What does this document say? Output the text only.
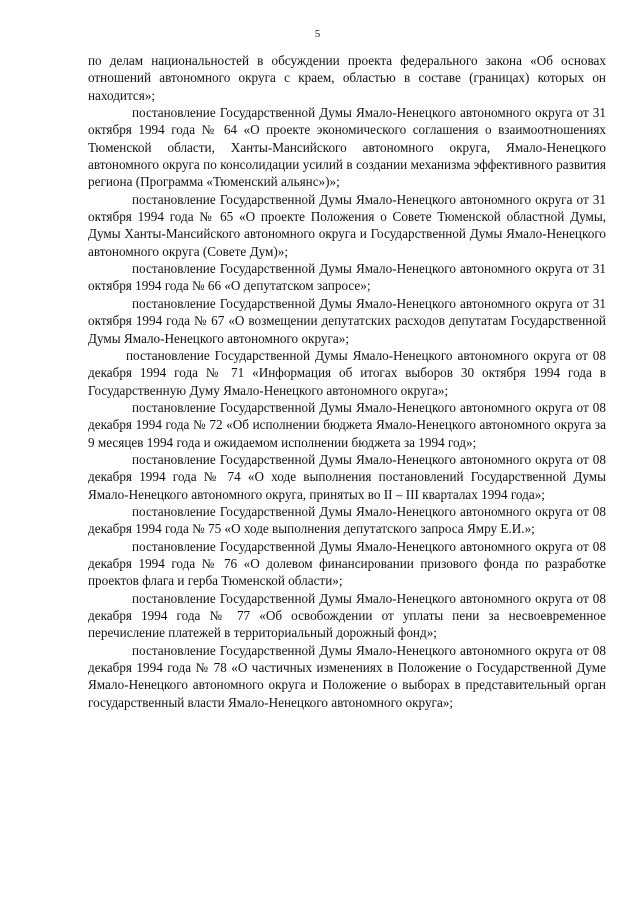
5

по делам национальностей в обсуждении проекта федерального закона «Об основах отношений автономного округа с краем, областью в составе (границах) которых он находится»;

постановление Государственной Думы Ямало-Ненецкого автономного округа от 31 октября 1994 года № 64 «О проекте экономического соглашения о взаимоотношениях Тюменской области, Ханты-Мансийского автономного округа, Ямало-Ненецкого автономного округа по консолидации усилий в создании механизма эффективного развития региона (Программа «Тюменский альянс»)»;

постановление Государственной Думы Ямало-Ненецкого автономного округа от 31 октября 1994 года № 65 «О проекте Положения о Совете Тюменской областной Думы, Думы Ханты-Мансийского автономного округа и Государственной Думы Ямало-Ненецкого автономного округа (Совете Дум)»;

постановление Государственной Думы Ямало-Ненецкого автономного округа от 31 октября 1994 года № 66 «О депутатском запросе»;

постановление Государственной Думы Ямало-Ненецкого автономного округа от 31 октября 1994 года № 67 «О возмещении депутатских расходов депутатам Государственной Думы Ямало-Ненецкого автономного округа»;

постановление Государственной Думы Ямало-Ненецкого автономного округа от 08 декабря 1994 года № 71 «Информация об итогах выборов 30 октября 1994 года в Государственную Думу Ямало-Ненецкого автономного округа»;

постановление Государственной Думы Ямало-Ненецкого автономного округа от 08 декабря 1994 года № 72 «Об исполнении бюджета Ямало-Ненецкого автономного округа за 9 месяцев 1994 года и ожидаемом исполнении бюджета за 1994 год»;

постановление Государственной Думы Ямало-Ненецкого автономного округа от 08 декабря 1994 года № 74 «О ходе выполнения постановлений Государственной Думы Ямало-Ненецкого автономного округа, принятых во II – III кварталах 1994 года»;

постановление Государственной Думы Ямало-Ненецкого автономного округа от 08 декабря 1994 года № 75 «О ходе выполнения депутатского запроса Ямру Е.И.»;

постановление Государственной Думы Ямало-Ненецкого автономного округа от 08 декабря 1994 года № 76 «О долевом финансировании призового фонда по разработке проектов флага и герба Тюменской области»;

постановление Государственной Думы Ямало-Ненецкого автономного округа от 08 декабря 1994 года № 77 «Об освобождении от уплаты пени за несвоевременное перечисление платежей в территориальный дорожный фонд»;

постановление Государственной Думы Ямало-Ненецкого автономного округа от 08 декабря 1994 года № 78 «О частичных изменениях в Положение о Государственной Думе Ямало-Ненецкого автономного округа и Положение о выборах в представительный орган государственный власти Ямало-Ненецкого автономного округа»;
